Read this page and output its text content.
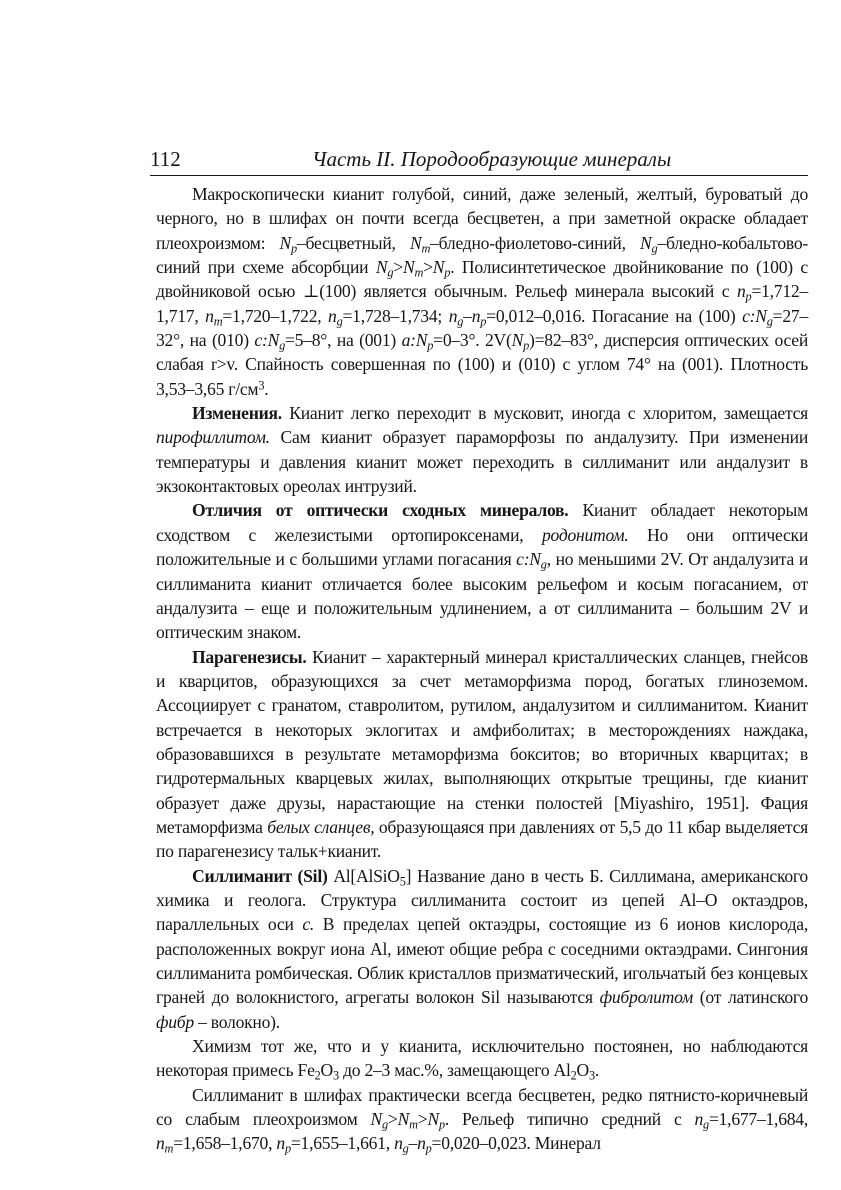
112	Часть II. Породообразующие минералы

Макроскопически кианит голубой, синий, даже зеленый, желтый, буроватый до черного, но в шлифах он почти всегда бесцветен, а при заметной окраске обладает плеохроизмом: $N_p$–бесцветный, $N_m-бледно-фиолетово$-синий, $N_g-бледно-кобальтово$-синий при схеме абсорбции $N_g>N_m>N_p$. Полисинтетическое двойникование по (100) с двойниковой осью ⊥(100) является обычным. Рельеф минерала высокий с $n_p=1,712-1,717$, $n_m=1,720-1,722$, $n_g=1,728-1,734$; $n_g-n_p=0,012-0,016$. Погасание на (100) $c:N_g=27-32^\circ$, на (010) $c:N_g=5-8^\circ$, на (001) $a:N_p=0-3^\circ$. $2V(N_p)=82-83^\circ$, дисперсия оптических осей слабая r>v. Спайность совершенная по (100) и (010) с углом 74° на (001). Плотность 3,53–3,65 $г/см^3$.

Изменения. Кианит легко переходит в мусковит, иногда с хлоритом, замещается пирофиллитом. Сам кианит образует параморфозы по андалузиту. При изменении температуры и давления кианит может переходить в силлиманит или андалузит в экзоконтактовых ореолах интрузий.

Отличия от оптически сходных минералов. Кианит обладает некоторым сходством с железистыми ортопироксенами, родонитом. Но они оптически положительные и с большими углами погасания $c:N_g$, но меньшими 2V. От андалузита и силлиманита кианит отличается более высоким рельефом и косым погасанием, от андалузита – еще и положительным удлинением, а от силлиманита – большим 2V и оптическим знаком.

Парагенезисы. Кианит – характерный минерал кристаллических сланцев, гнейсов и кварцитов, образующихся за счет метаморфизма пород, богатых глиноземом. Ассоциирует с гранатом, ставролитом, рутилом, андалузитом и силлиманитом. Кианит встречается в некоторых эклогитах и амфиболитах; в месторождениях наждака, образовавшихся в результате метаморфизма бокситов; во вторичных кварцитах; в гидротермальных кварцевых жилах, выполняющих открытые трещины, где кианит образует даже друзы, нарастающие на стенки полостей [Miyashiro, 1951]. Фация метаморфизма белых сланцев, образующаяся при давлениях от 5,5 до 11 кбар выделяется по парагенезису тальк+кианит.

Силлиманит (Sil) Al[AlSiO$_5$] Название дано в честь Б. Силлимана, американского химика и геолога. Структура силлиманита состоит из цепей Al–O октаэдров, параллельных оси c. В пределах цепей октаэдры, состоящие из 6 ионов кислорода, расположенных вокруг иона Al, имеют общие ребра с соседними октаэдрами. Сингония силлиманита ромбическая. Облик кристаллов призматический, игольчатый без концевых граней до волокнистого, агрегаты волокон Sil называются фибролитом (от латинского фибр – волокно).

Химизм тот же, что и у кианита, исключительно постоянен, но наблюдаются некоторая примесь $Fe_2O_3$ до 2–3 мас.%, замещающего $Al_2O_3$.

Силлиманит в шлифах практически всегда бесцветен, редко пятнисто-коричневый со слабым плеохроизмом $N_g>N_m>N_p$. Рельеф типично средний с $n_g=1,677-1,684$, $n_m=1,658-1,670$, $n_p=1,655-1,661$, $n_g-n_p=0,020-0,023$. Минерал
